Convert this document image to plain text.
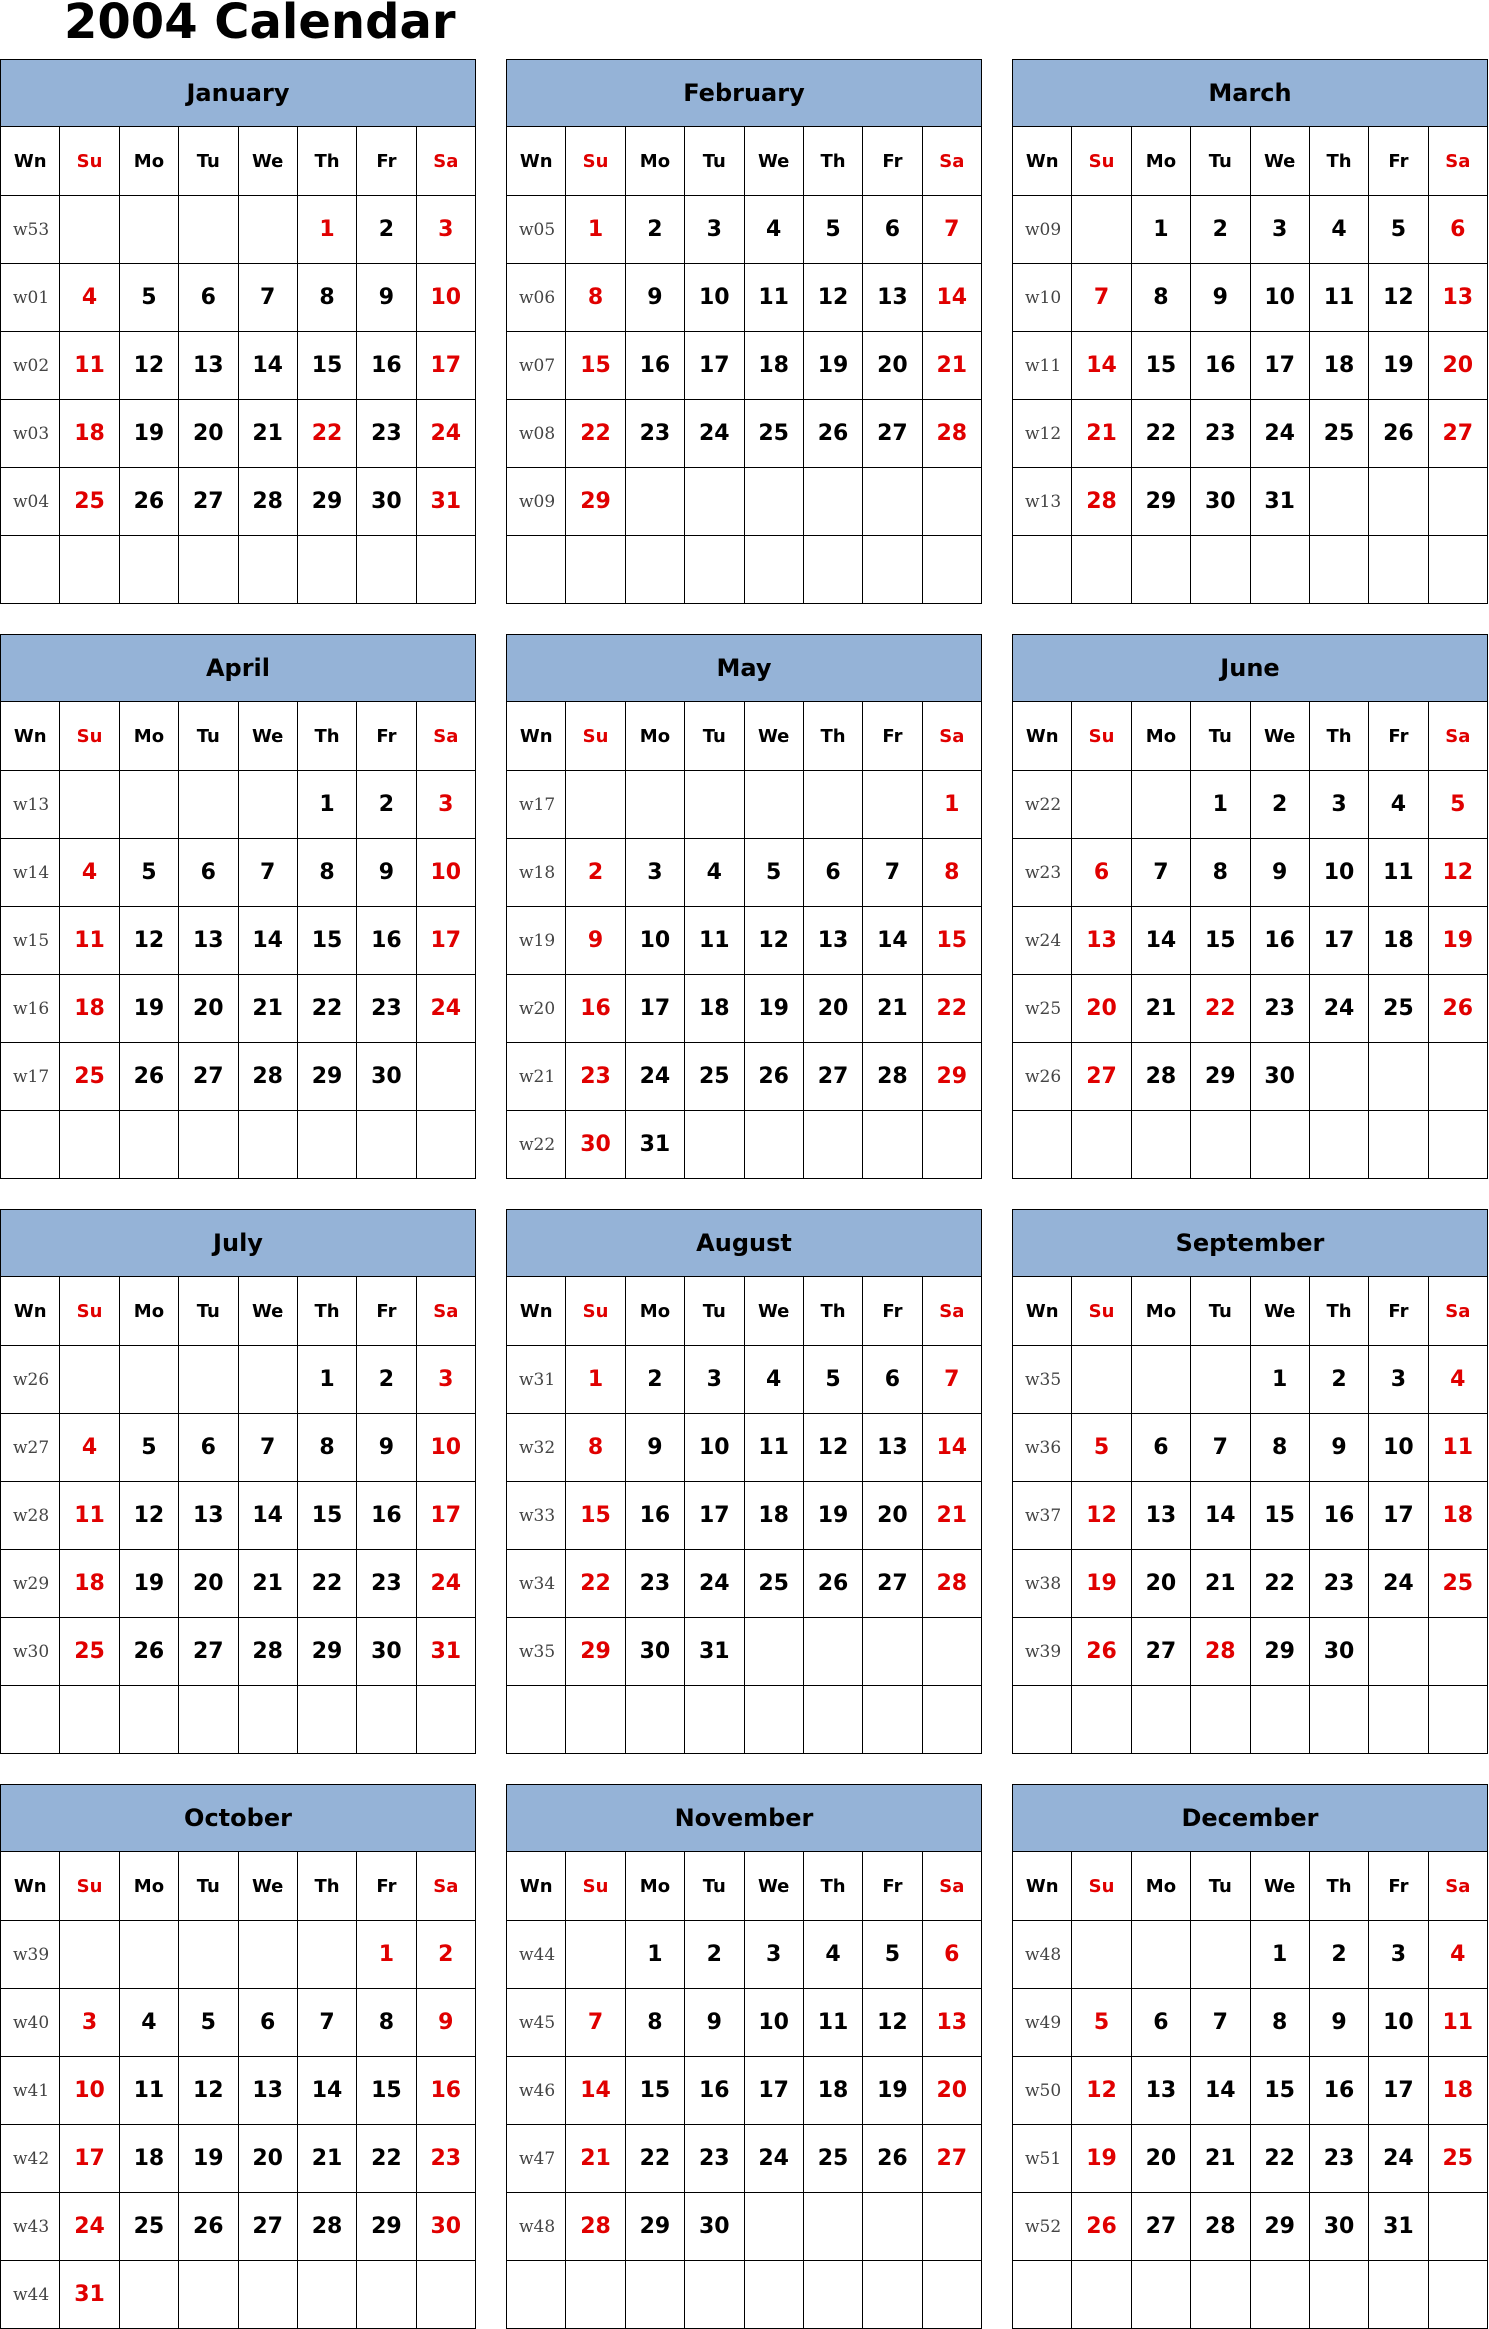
2004 Calendar
January							
Wn	Su	Mo	Tu	We	Th	Fr	Sa
w53					1	2	3
w01	4	5	6	7	8	9	10
w02	11	12	13	14	15	16	17
w03	18	19	20	21	22	23	24
w04	25	26	27	28	29	30	31

February							
Wn	Su	Mo	Tu	We	Th	Fr	Sa
w05	1	2	3	4	5	6	7
w06	8	9	10	11	12	13	14
w07	15	16	17	18	19	20	21
w08	22	23	24	25	26	27	28
w09	29						

March							
Wn	Su	Mo	Tu	We	Th	Fr	Sa
w09		1	2	3	4	5	6
w10	7	8	9	10	11	12	13
w11	14	15	16	17	18	19	20
w12	21	22	23	24	25	26	27
w13	28	29	30	31			

April							
Wn	Su	Mo	Tu	We	Th	Fr	Sa
w13					1	2	3
w14	4	5	6	7	8	9	10
w15	11	12	13	14	15	16	17
w16	18	19	20	21	22	23	24
w17	25	26	27	28	29	30	

May							
Wn	Su	Mo	Tu	We	Th	Fr	Sa
w17							1
w18	2	3	4	5	6	7	8
w19	9	10	11	12	13	14	15
w20	16	17	18	19	20	21	22
w21	23	24	25	26	27	28	29
w22	30	31					
June							
Wn	Su	Mo	Tu	We	Th	Fr	Sa
w22			1	2	3	4	5
w23	6	7	8	9	10	11	12
w24	13	14	15	16	17	18	19
w25	20	21	22	23	24	25	26
w26	27	28	29	30			

July							
Wn	Su	Mo	Tu	We	Th	Fr	Sa
w26					1	2	3
w27	4	5	6	7	8	9	10
w28	11	12	13	14	15	16	17
w29	18	19	20	21	22	23	24
w30	25	26	27	28	29	30	31

August							
Wn	Su	Mo	Tu	We	Th	Fr	Sa
w31	1	2	3	4	5	6	7
w32	8	9	10	11	12	13	14
w33	15	16	17	18	19	20	21
w34	22	23	24	25	26	27	28
w35	29	30	31				

September							
Wn	Su	Mo	Tu	We	Th	Fr	Sa
w35				1	2	3	4
w36	5	6	7	8	9	10	11
w37	12	13	14	15	16	17	18
w38	19	20	21	22	23	24	25
w39	26	27	28	29	30		

October							
Wn	Su	Mo	Tu	We	Th	Fr	Sa
w39						1	2
w40	3	4	5	6	7	8	9
w41	10	11	12	13	14	15	16
w42	17	18	19	20	21	22	23
w43	24	25	26	27	28	29	30
w44	31						
November							
Wn	Su	Mo	Tu	We	Th	Fr	Sa
w44		1	2	3	4	5	6
w45	7	8	9	10	11	12	13
w46	14	15	16	17	18	19	20
w47	21	22	23	24	25	26	27
w48	28	29	30				

December							
Wn	Su	Mo	Tu	We	Th	Fr	Sa
w48				1	2	3	4
w49	5	6	7	8	9	10	11
w50	12	13	14	15	16	17	18
w51	19	20	21	22	23	24	25
w52	26	27	28	29	30	31	
